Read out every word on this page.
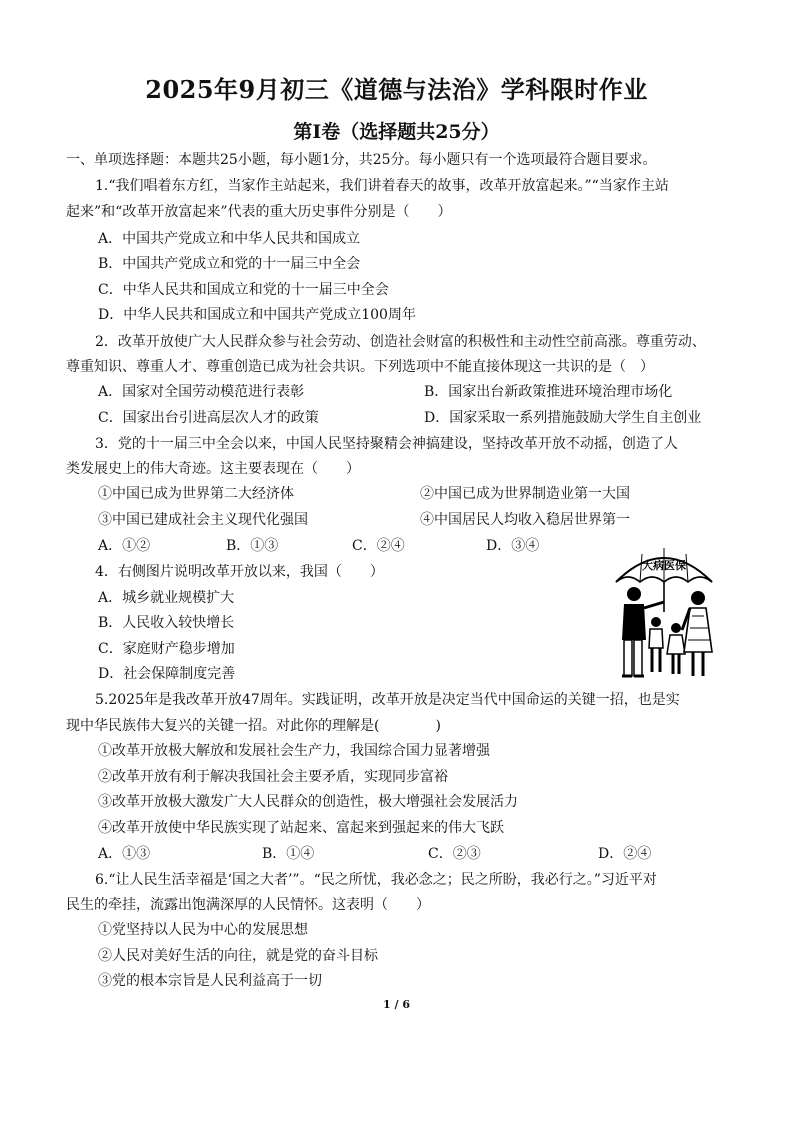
2025年9月初三《道德与法治》学科限时作业
第Ⅰ卷（选择题共25分）
一、单项选择题：本题共25小题，每小题1分，共25分。每小题只有一个选项最符合题目要求。
1.“我们唱着东方红，当家作主站起来，我们讲着春天的故事，改革开放富起来。”“当家作主站
起来”和“改革开放富起来”代表的重大历史事件分别是（　　）
A．中国共产党成立和中华人民共和国成立
B．中国共产党成立和党的十一届三中全会
C．中华人民共和国成立和党的十一届三中全会
D．中华人民共和国成立和中国共产党成立100周年
2．改革开放使广大人民群众参与社会劳动、创造社会财富的积极性和主动性空前高涨。尊重劳动、
尊重知识、尊重人才、尊重创造已成为社会共识。下列选项中不能直接体现这一共识的是（　）
A．国家对全国劳动模范进行表彰	B．国家出台新政策推进环境治理市场化
C．国家出台引进高层次人才的政策	D．国家采取一系列措施鼓励大学生自主创业
3．党的十一届三中全会以来，中国人民坚持聚精会神搞建设，坚持改革开放不动摇，创造了人
类发展史上的伟大奇迹。这主要表现在（　　）
①中国已成为世界第二大经济体	②中国已成为世界制造业第一大国
③中国已建成社会主义现代化强国	④中国居民人均收入稳居世界第一
A．①②	B．①③	C．②④	D．③④
4．右侧图片说明改革开放以来，我国（　　）
A．城乡就业规模扩大
B．人民收入较快增长
C．家庭财产稳步增加
D．社会保障制度完善
大病医保
5.2025年是我改革开放47周年。实践证明，改革开放是决定当代中国命运的关键一招，也是实
现中华民族伟大复兴的关键一招。对此你的理解是(　　　　)
①改革开放极大解放和发展社会生产力，我国综合国力显著增强
②改革开放有利于解决我国社会主要矛盾，实现同步富裕
③改革开放极大激发广大人民群众的创造性，极大增强社会发展活力
④改革开放使中华民族实现了站起来、富起来到强起来的伟大飞跃
A．①③	B．①④	C．②③	D．②④
6.“让人民生活幸福是‘国之大者’”。“民之所忧，我必念之；民之所盼，我必行之。”习近平对
民生的牵挂，流露出饱满深厚的人民情怀。这表明（　　）
①党坚持以人民为中心的发展思想
②人民对美好生活的向往，就是党的奋斗目标
③党的根本宗旨是人民利益高于一切
1 / 6
